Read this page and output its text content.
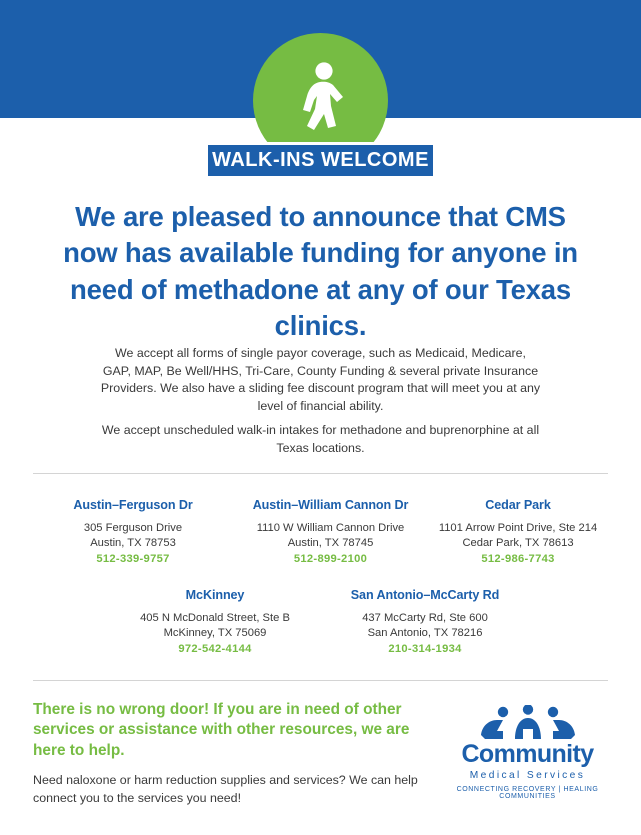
WALK-INS WELCOME
We are pleased to announce that CMS now has available funding for anyone in need of methadone at any of our Texas clinics.
We accept all forms of single payor coverage, such as Medicaid, Medicare, GAP, MAP, Be Well/HHS, Tri-Care, County Funding & several private Insurance Providers. We also have a sliding fee discount program that will meet you at any level of financial ability.
We accept unscheduled walk-in intakes for methadone and buprenorphine at all Texas locations.
Austin–Ferguson Dr
305 Ferguson Drive
Austin, TX 78753
512-339-9757
Austin–William Cannon Dr
1110 W William Cannon Drive
Austin, TX 78745
512-899-2100
Cedar Park
1101 Arrow Point Drive, Ste 214
Cedar Park, TX 78613
512-986-7743
McKinney
405 N McDonald Street, Ste B
McKinney, TX 75069
972-542-4144
San Antonio–McCarty Rd
437 McCarty Rd, Ste 600
San Antonio, TX 78216
210-314-1934
There is no wrong door! If you are in need of other services or assistance with other resources, we are here to help.
Need naloxone or harm reduction supplies and services? We can help connect you to the services you need!
Community
Medical Services
CONNECTING RECOVERY | HEALING COMMUNITIES
